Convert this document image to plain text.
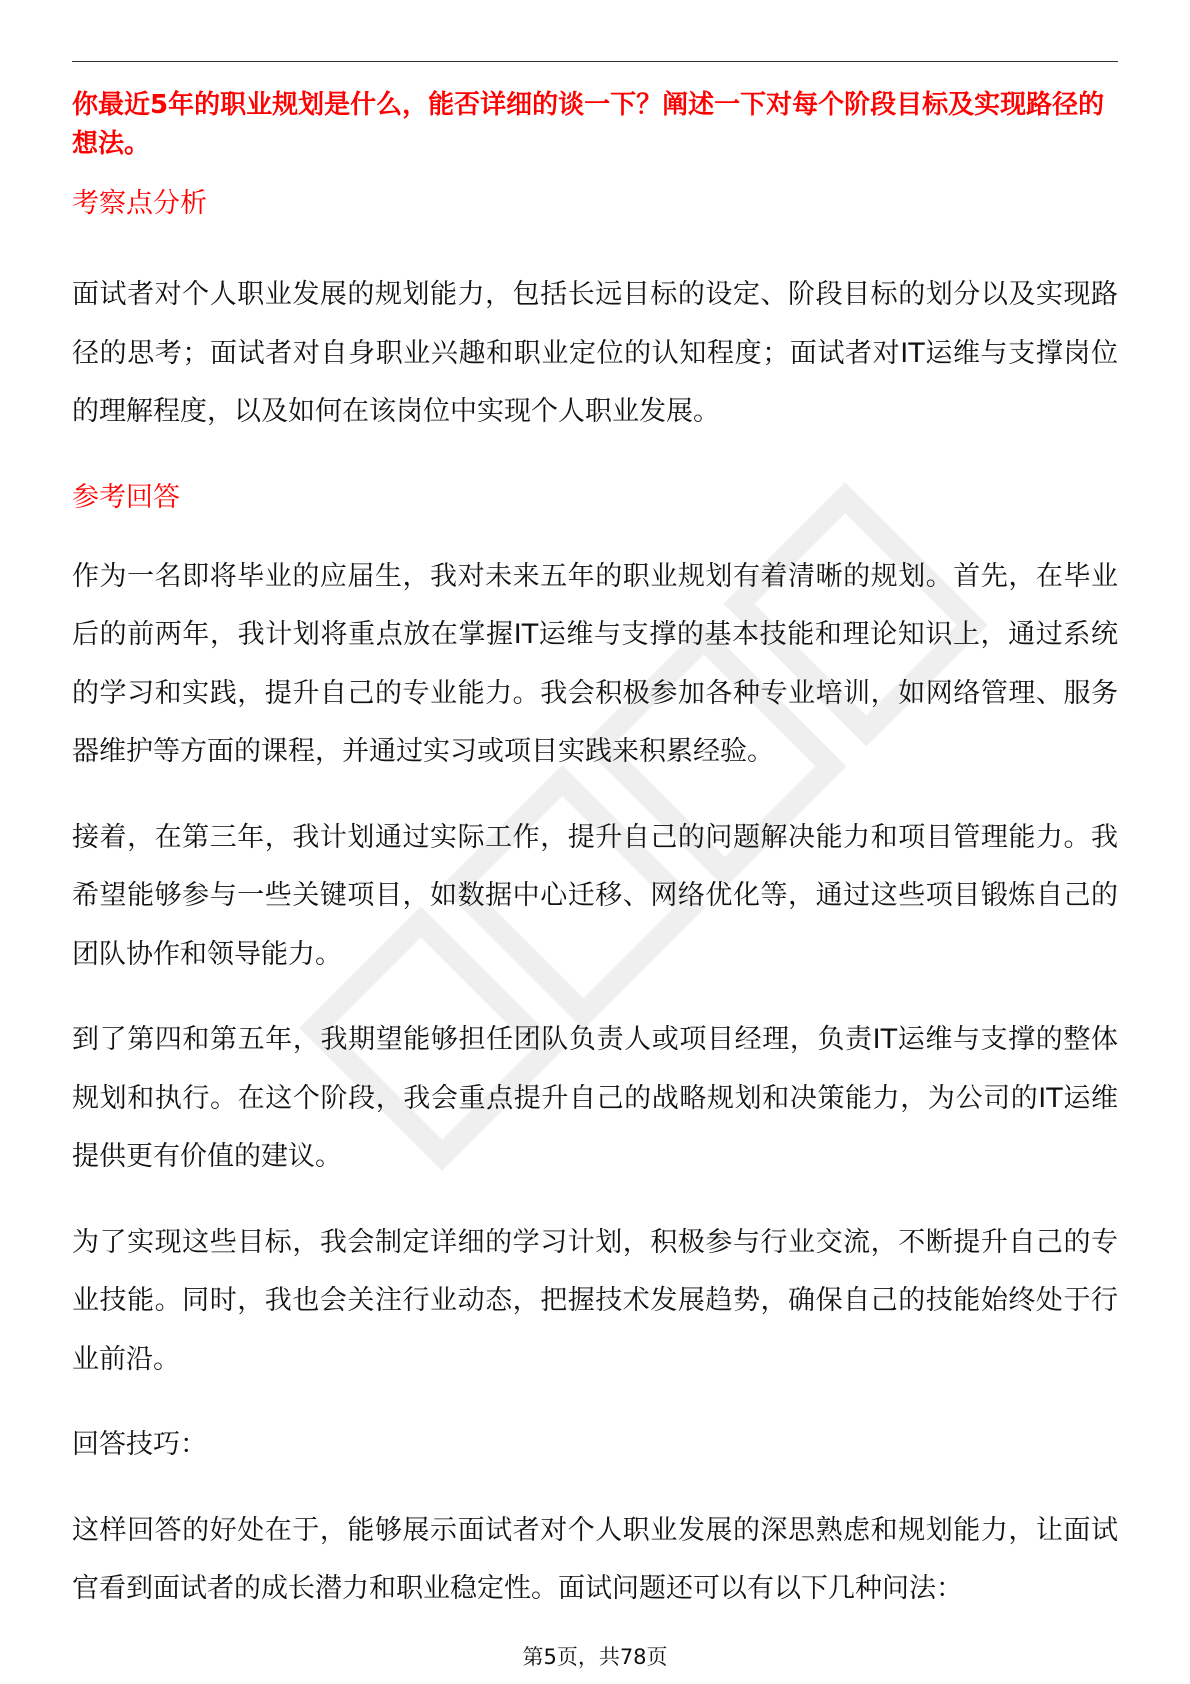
你最近5年的职业规划是什么，能否详细的谈一下？阐述一下对每个阶段目标及实现路径的想法。

考察点分析

面试者对个人职业发展的规划能力，包括长远目标的设定、阶段目标的划分以及实现路径的思考；面试者对自身职业兴趣和职业定位的认知程度；面试者对IT运维与支撑岗位的理解程度，以及如何在该岗位中实现个人职业发展。

参考回答

作为一名即将毕业的应届生，我对未来五年的职业规划有着清晰的规划。首先，在毕业后的前两年，我计划将重点放在掌握IT运维与支撑的基本技能和理论知识上，通过系统的学习和实践，提升自己的专业能力。我会积极参加各种专业培训，如网络管理、服务器维护等方面的课程，并通过实习或项目实践来积累经验。

接着，在第三年，我计划通过实际工作，提升自己的问题解决能力和项目管理能力。我希望能够参与一些关键项目，如数据中心迁移、网络优化等，通过这些项目锻炼自己的团队协作和领导能力。

到了第四和第五年，我期望能够担任团队负责人或项目经理，负责IT运维与支撑的整体规划和执行。在这个阶段，我会重点提升自己的战略规划和决策能力，为公司的IT运维提供更有价值的建议。

为了实现这些目标，我会制定详细的学习计划，积极参与行业交流，不断提升自己的专业技能。同时，我也会关注行业动态，把握技术发展趋势，确保自己的技能始终处于行业前沿。

回答技巧：

这样回答的好处在于，能够展示面试者对个人职业发展的深思熟虑和规划能力，让面试官看到面试者的成长潜力和职业稳定性。面试问题还可以有以下几种问法：

第5页，共78页
